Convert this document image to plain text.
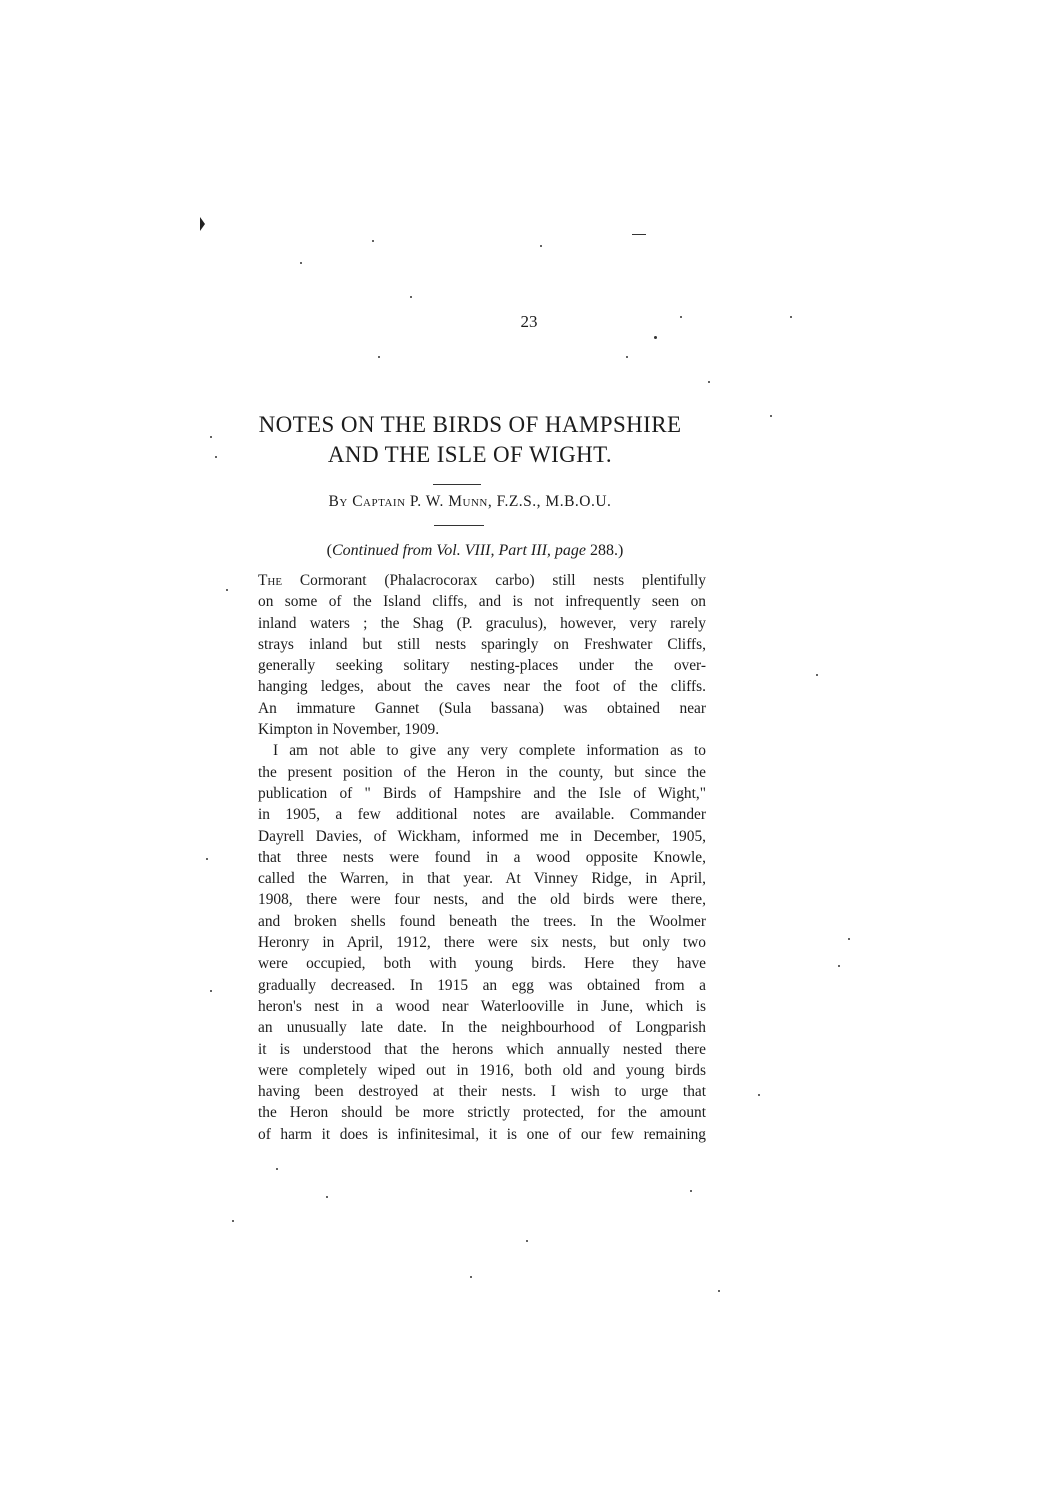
23
NOTES ON THE BIRDS OF HAMPSHIRE
AND THE ISLE OF WIGHT.
By Captain P. W. Munn, F.Z.S., M.B.O.U.
(Continued from Vol. VIII, Part III, page 288.)
The Cormorant (Phalacrocorax carbo) still nests plentifully
on some of the Island cliffs, and is not infrequently seen on
inland waters ; the Shag (P. graculus), however, very rarely
strays inland but still nests sparingly on Freshwater Cliffs,
generally seeking solitary nesting-places under the over-
hanging ledges, about the caves near the foot of the cliffs.
An immature Gannet (Sula bassana) was obtained near
Kimpton in November, 1909.
I am not able to give any very complete information as to
the present position of the Heron in the county, but since the
publication of " Birds of Hampshire and the Isle of Wight,"
in 1905, a few additional notes are available. Commander
Dayrell Davies, of Wickham, informed me in December, 1905,
that three nests were found in a wood opposite Knowle,
called the Warren, in that year. At Vinney Ridge, in April,
1908, there were four nests, and the old birds were there,
and broken shells found beneath the trees. In the Woolmer
Heronry in April, 1912, there were six nests, but only two
were occupied, both with young birds. Here they have
gradually decreased. In 1915 an egg was obtained from a
heron's nest in a wood near Waterlooville in June, which is
an unusually late date. In the neighbourhood of Longparish
it is understood that the herons which annually nested there
were completely wiped out in 1916, both old and young birds
having been destroyed at their nests. I wish to urge that
the Heron should be more strictly protected, for the amount
of harm it does is infinitesimal, it is one of our few remaining
